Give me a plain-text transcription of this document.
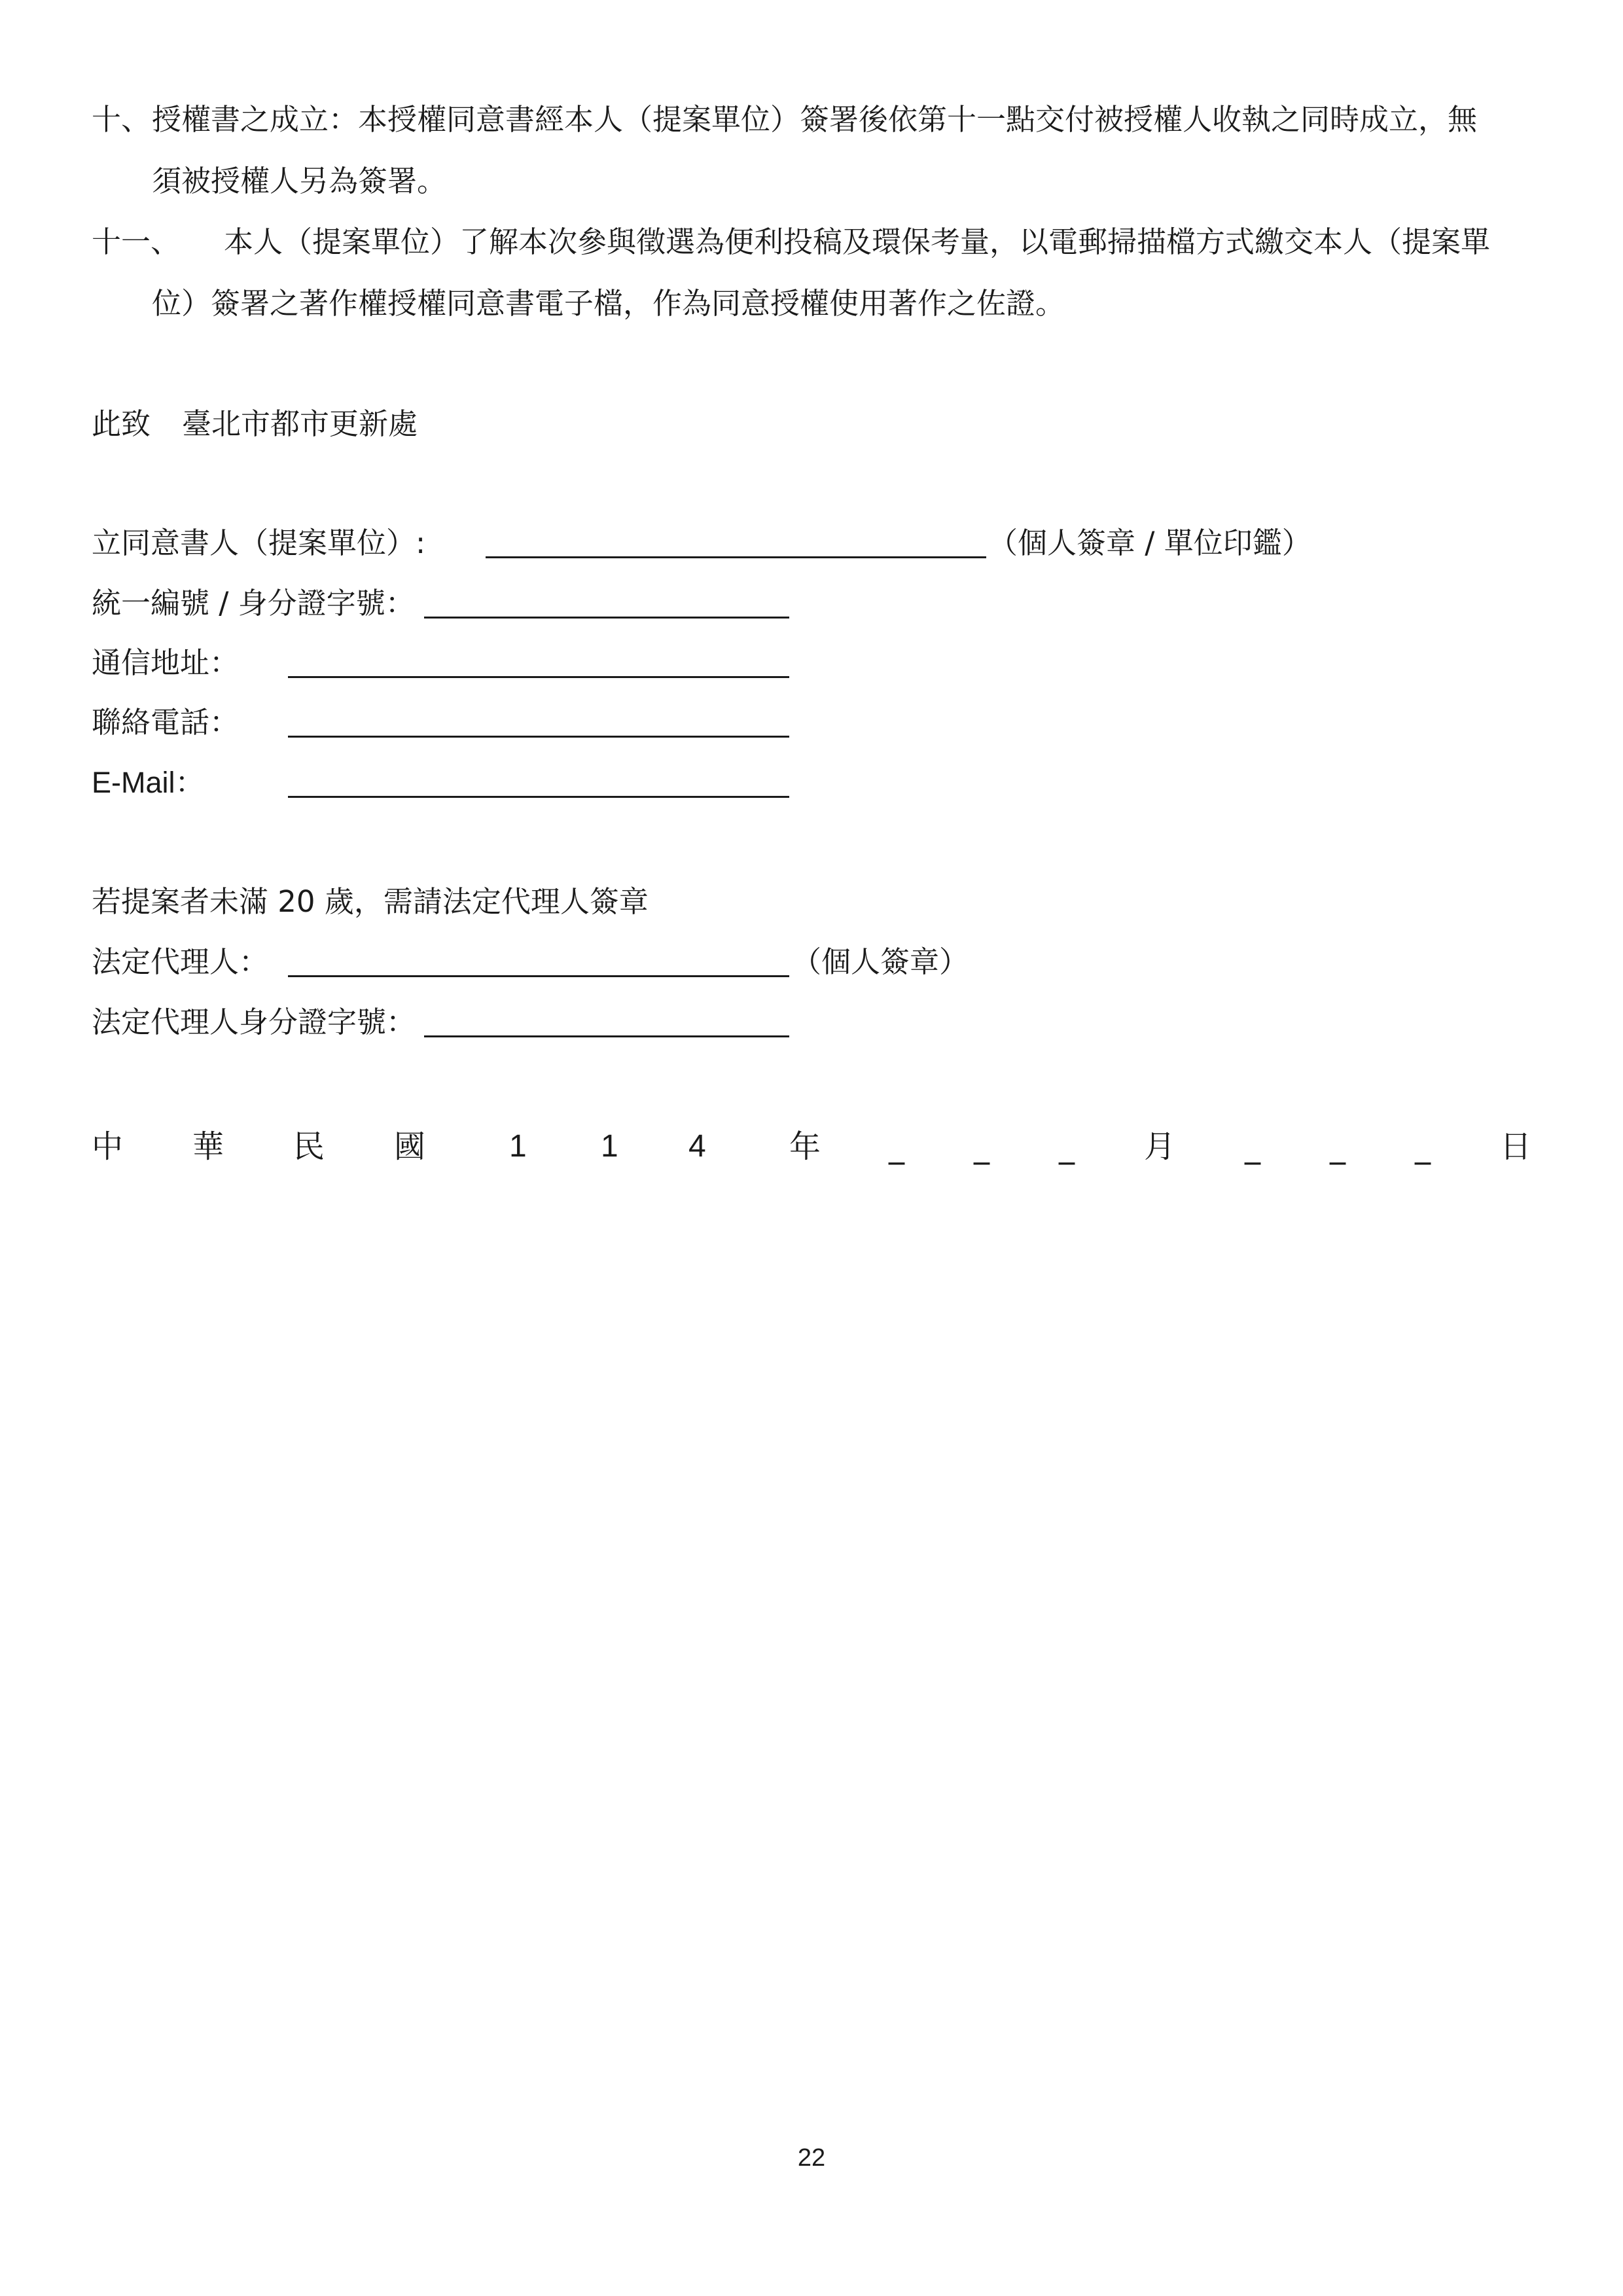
十、 授權書之成立：本授權同意書經本人（提案單位）簽署後依第十一點交付被授權人收執之同時成立，無
須被授權人另為簽署。
十一、 本人（提案單位）了解本次參與徵選為便利投稿及環保考量，以電郵掃描檔方式繳交本人（提案單
位）簽署之著作權授權同意書電子檔，作為同意授權使用著作之佐證。
此致 臺北市都市更新處
立同意書人（提案單位）:	（個人簽章 / 單位印鑑）
統一編號 / 身分證字號：
通信地址：
聯絡電話：
E-Mail：
若提案者未滿 20 歲，需請法定代理人簽章
法定代理人：	（個人簽章）
法定代理人身分證字號：
中 華 民 國	1 1 4	年 _ _ _ 月 _ _ _ 日
22
